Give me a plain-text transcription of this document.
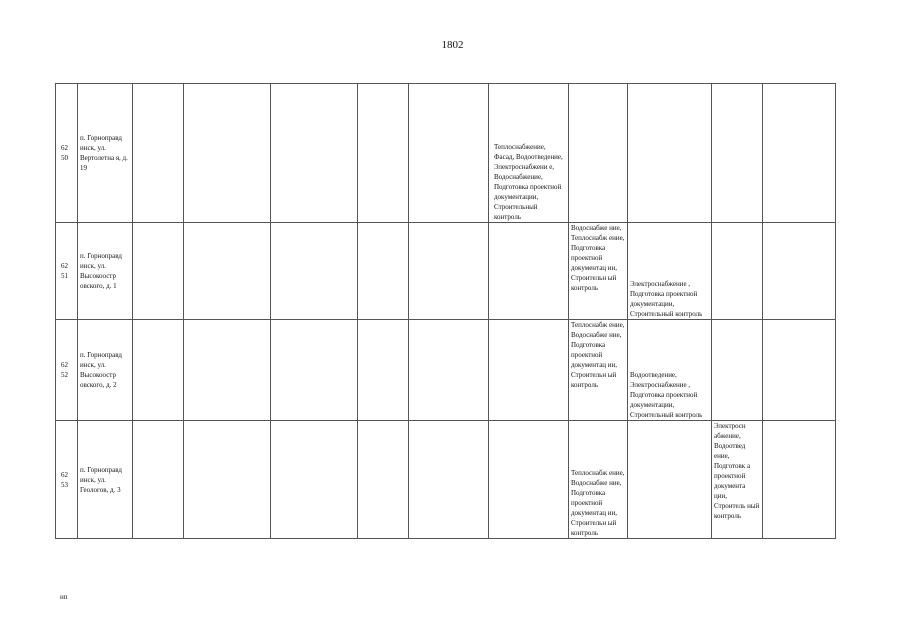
1802
62
50	п. Горноправд инск, ул. Вертолетна я, д. 19						Теплоснабжение, Фасад, Водоотведение, Электроснабжени е, Водоснабжение, Подготовка проектной документации, Строительный контроль				
62
51	п. Горноправд инск, ул. Высокоостр овского, д. 1							Водоснабже ние, Теплоснабж ение, Подготовка проектной документац ии, Строительн ый контроль	Электроснабжение , Подготовка проектной документации, Строительный контроль		
62
52	п. Горноправд инск, ул. Высокоостр овского, д. 2							Теплоснабж ение, Водоснабже ние, Подготовка проектной документац ии, Строительн ый контроль	Водоотведение, Электроснабжение , Подготовка проектной документации, Строительный контроль		
62
53	п. Горноправд инск, ул. Геологов, д. 3							Теплоснабж ение, Водоснабже ние, Подготовка проектной документац ии, Строительн ый контроль		Электросн абжение, Водоотвед ение, Подготовк а проектной документа ции, Строитель ный контроль	
нп
